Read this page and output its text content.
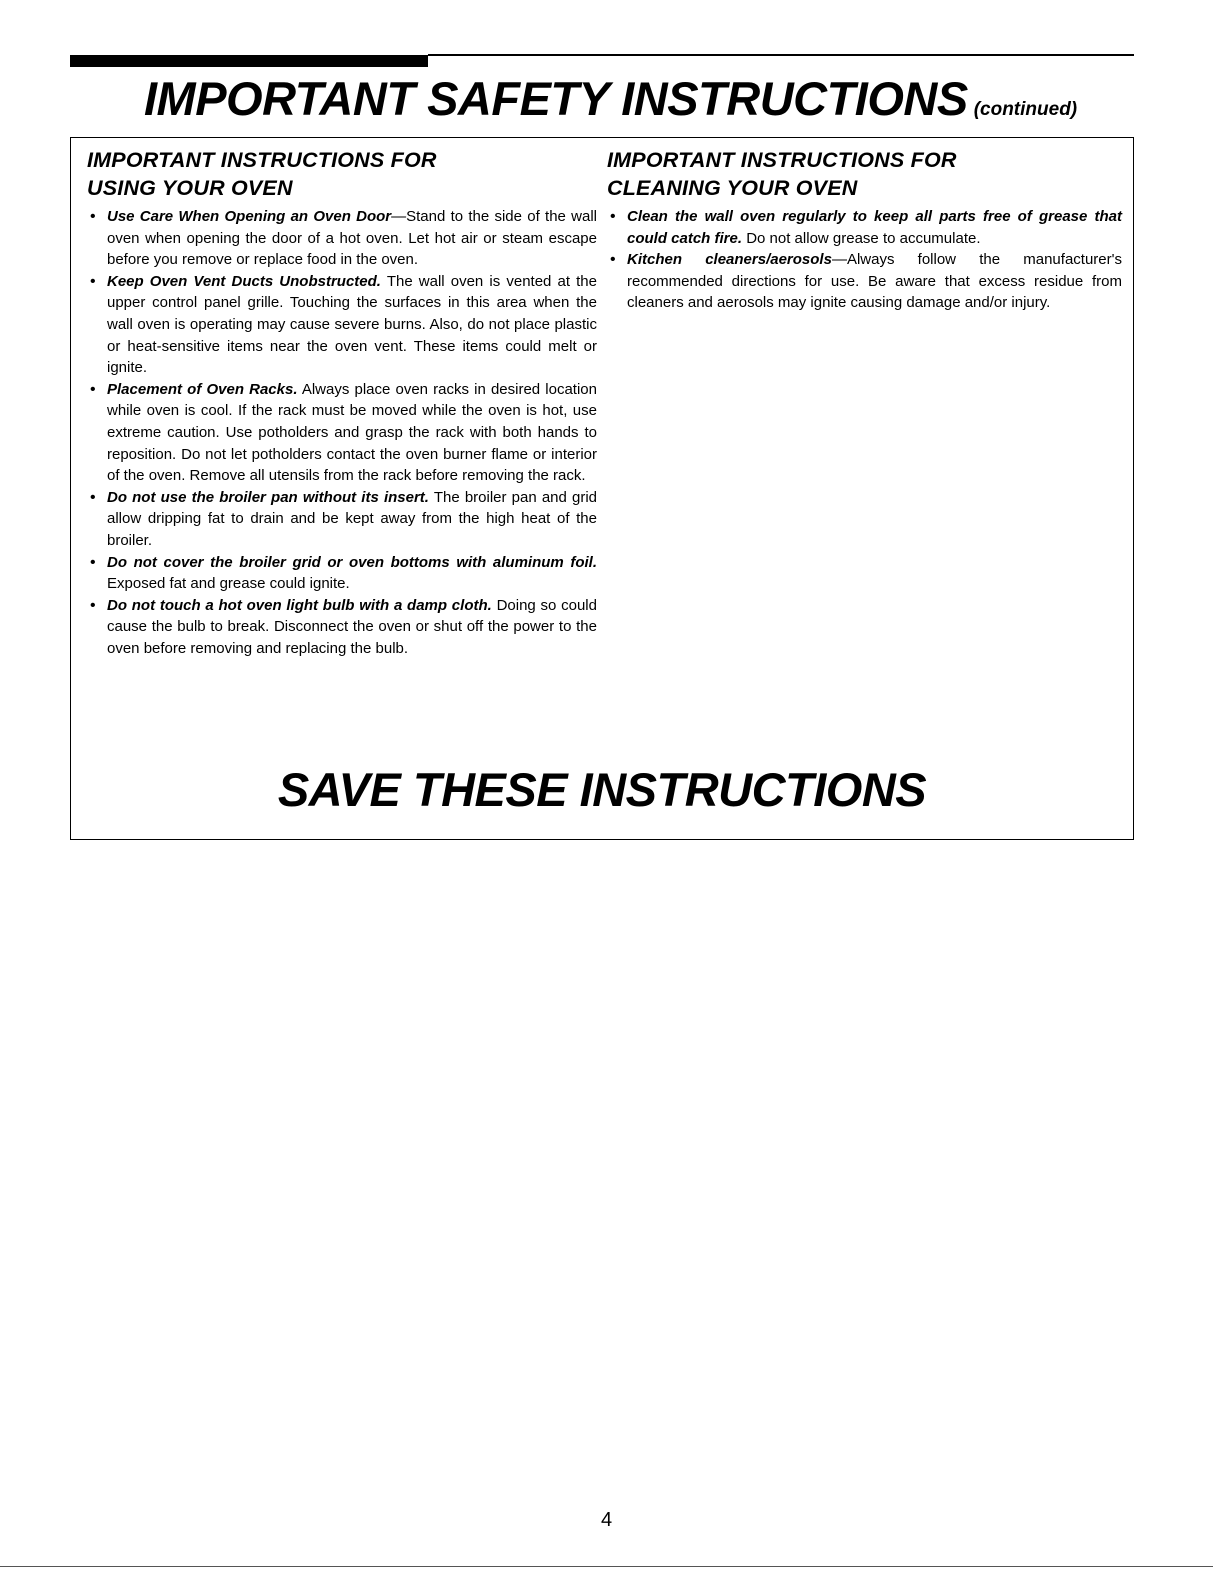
IMPORTANT SAFETY INSTRUCTIONS (continued)
IMPORTANT INSTRUCTIONS FOR
USING YOUR OVEN
• Use Care When Opening an Oven Door—Stand to the side of the wall oven when opening the door of a hot oven. Let hot air or steam escape before you remove or replace food in the oven.
• Keep Oven Vent Ducts Unobstructed. The wall oven is vented at the upper control panel grille. Touching the surfaces in this area when the wall oven is operating may cause severe burns. Also, do not place plastic or heat-sensitive items near the oven vent. These items could melt or ignite.
• Placement of Oven Racks. Always place oven racks in desired location while oven is cool. If the rack must be moved while the oven is hot, use extreme caution. Use potholders and grasp the rack with both hands to reposition. Do not let potholders contact the oven burner flame or interior of the oven. Remove all utensils from the rack before removing the rack.
• Do not use the broiler pan without its insert. The broiler pan and grid allow dripping fat to drain and be kept away from the high heat of the broiler.
• Do not cover the broiler grid or oven bottoms with aluminum foil. Exposed fat and grease could ignite.
• Do not touch a hot oven light bulb with a damp cloth. Doing so could cause the bulb to break. Disconnect the oven or shut off the power to the oven before removing and replacing the bulb.
IMPORTANT INSTRUCTIONS FOR
CLEANING YOUR OVEN
• Clean the wall oven regularly to keep all parts free of grease that could catch fire. Do not allow grease to accumulate.
• Kitchen cleaners/aerosols—Always follow the manufacturer's recommended directions for use. Be aware that excess residue from cleaners and aerosols may ignite causing damage and/or injury.
SAVE THESE INSTRUCTIONS
4
